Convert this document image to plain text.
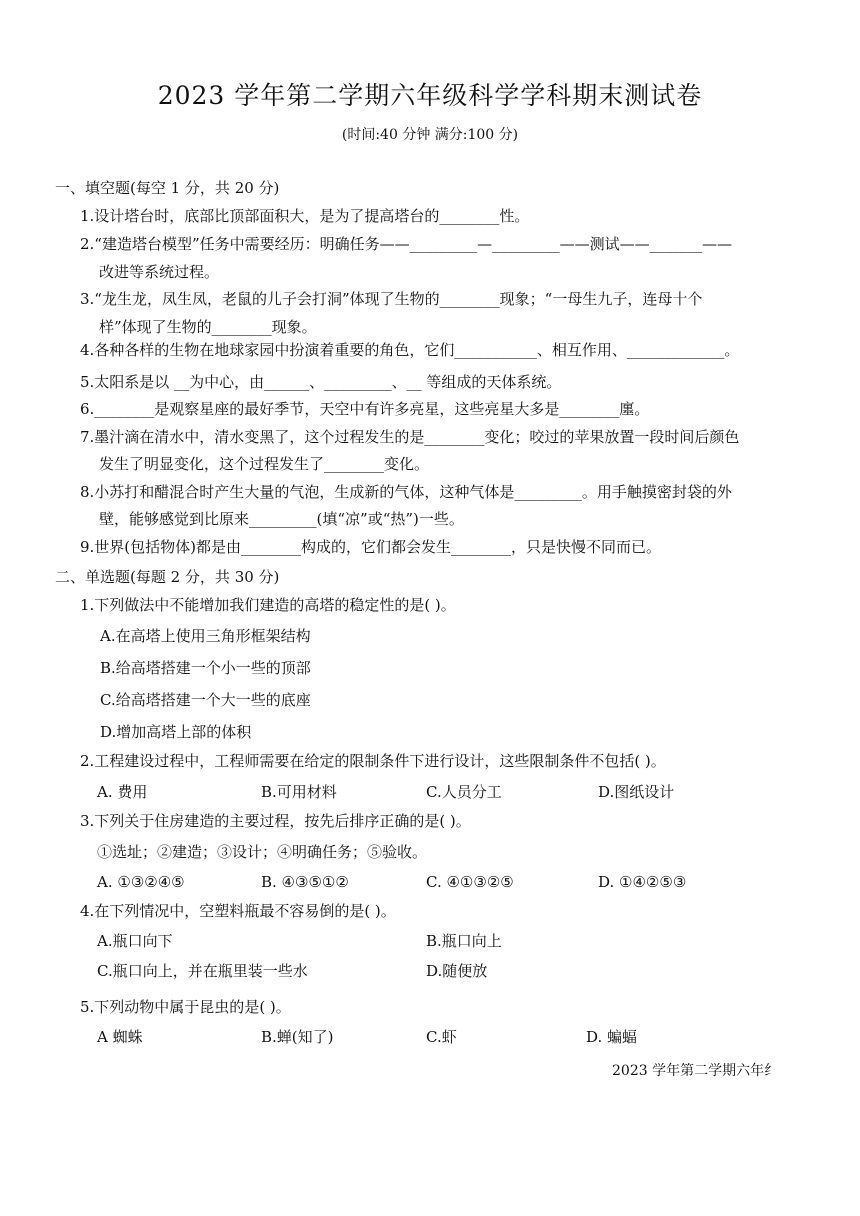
2023 学年第二学期六年级科学学科期末测试卷
(时间:40 分钟 满分:100 分)
一、填空题(每空 1 分，共 20 分)
1.设计塔台时，底部比顶部面积大，是为了提高塔台的________性。
2.“建造塔台模型”任务中需要经历：明确任务——_________—_________——测试——_______——
改进等系统过程。
3.“龙生龙，凤生凤，老鼠的儿子会打洞”体现了生物的________现象；“一母生九子，连母十个
样”体现了生物的________现象。
4.各种各样的生物在地球家园中扮演着重要的角色，它们___________、相互作用、_____________。
5.太阳系是以 __为中心，由______、_________、__ 等组成的天体系统。
6.________是观察星座的最好季节，天空中有许多亮星，这些亮星大多是________廛。
7.墨汁滴在清水中，清水变黑了，这个过程发生的是________变化；咬过的苹果放置一段时间后颜色
发生了明显变化，这个过程发生了________变化。
8.小苏打和醋混合时产生大量的气泡，生成新的气体，这种气体是_________。用手触摸密封袋的外
壁，能够感觉到比原来_________(填“凉”或“热”)一些。
9.世界(包括物体)都是由________构成的，它们都会发生________，只是快慢不同而已。
二、单选题(每题 2 分，共 30 分)
1.下列做法中不能增加我们建造的高塔的稳定性的是( )。
A.在高塔上使用三角形框架结构
B.给高塔搭建一个小一些的顶部
C.给高塔搭建一个大一些的底座
D.增加高塔上部的体积
2.工程建设过程中，工程师需要在给定的限制条件下进行设计，这些限制条件不包括( )。
A. 费用	B.可用材料	C.人员分工	D.图纸设计
3.下列关于住房建造的主要过程，按先后排序正确的是( )。
①选址；②建造；③设计；④明确任务；⑤验收。
A. ①③②④⑤	B. ④③⑤①②	C. ④①③②⑤	D. ①④②⑤③
4.在下列情况中，空塑料瓶最不容易倒的是( )。
A.瓶口向下	B.瓶口向上
C.瓶口向上，并在瓶里装一些水	D.随便放
5.下列动物中属于昆虫的是( )。
A 蜘蛛	B.蝉(知了)	C.虾	D. 蝙蝠
2023 学年第二学期六年纟
